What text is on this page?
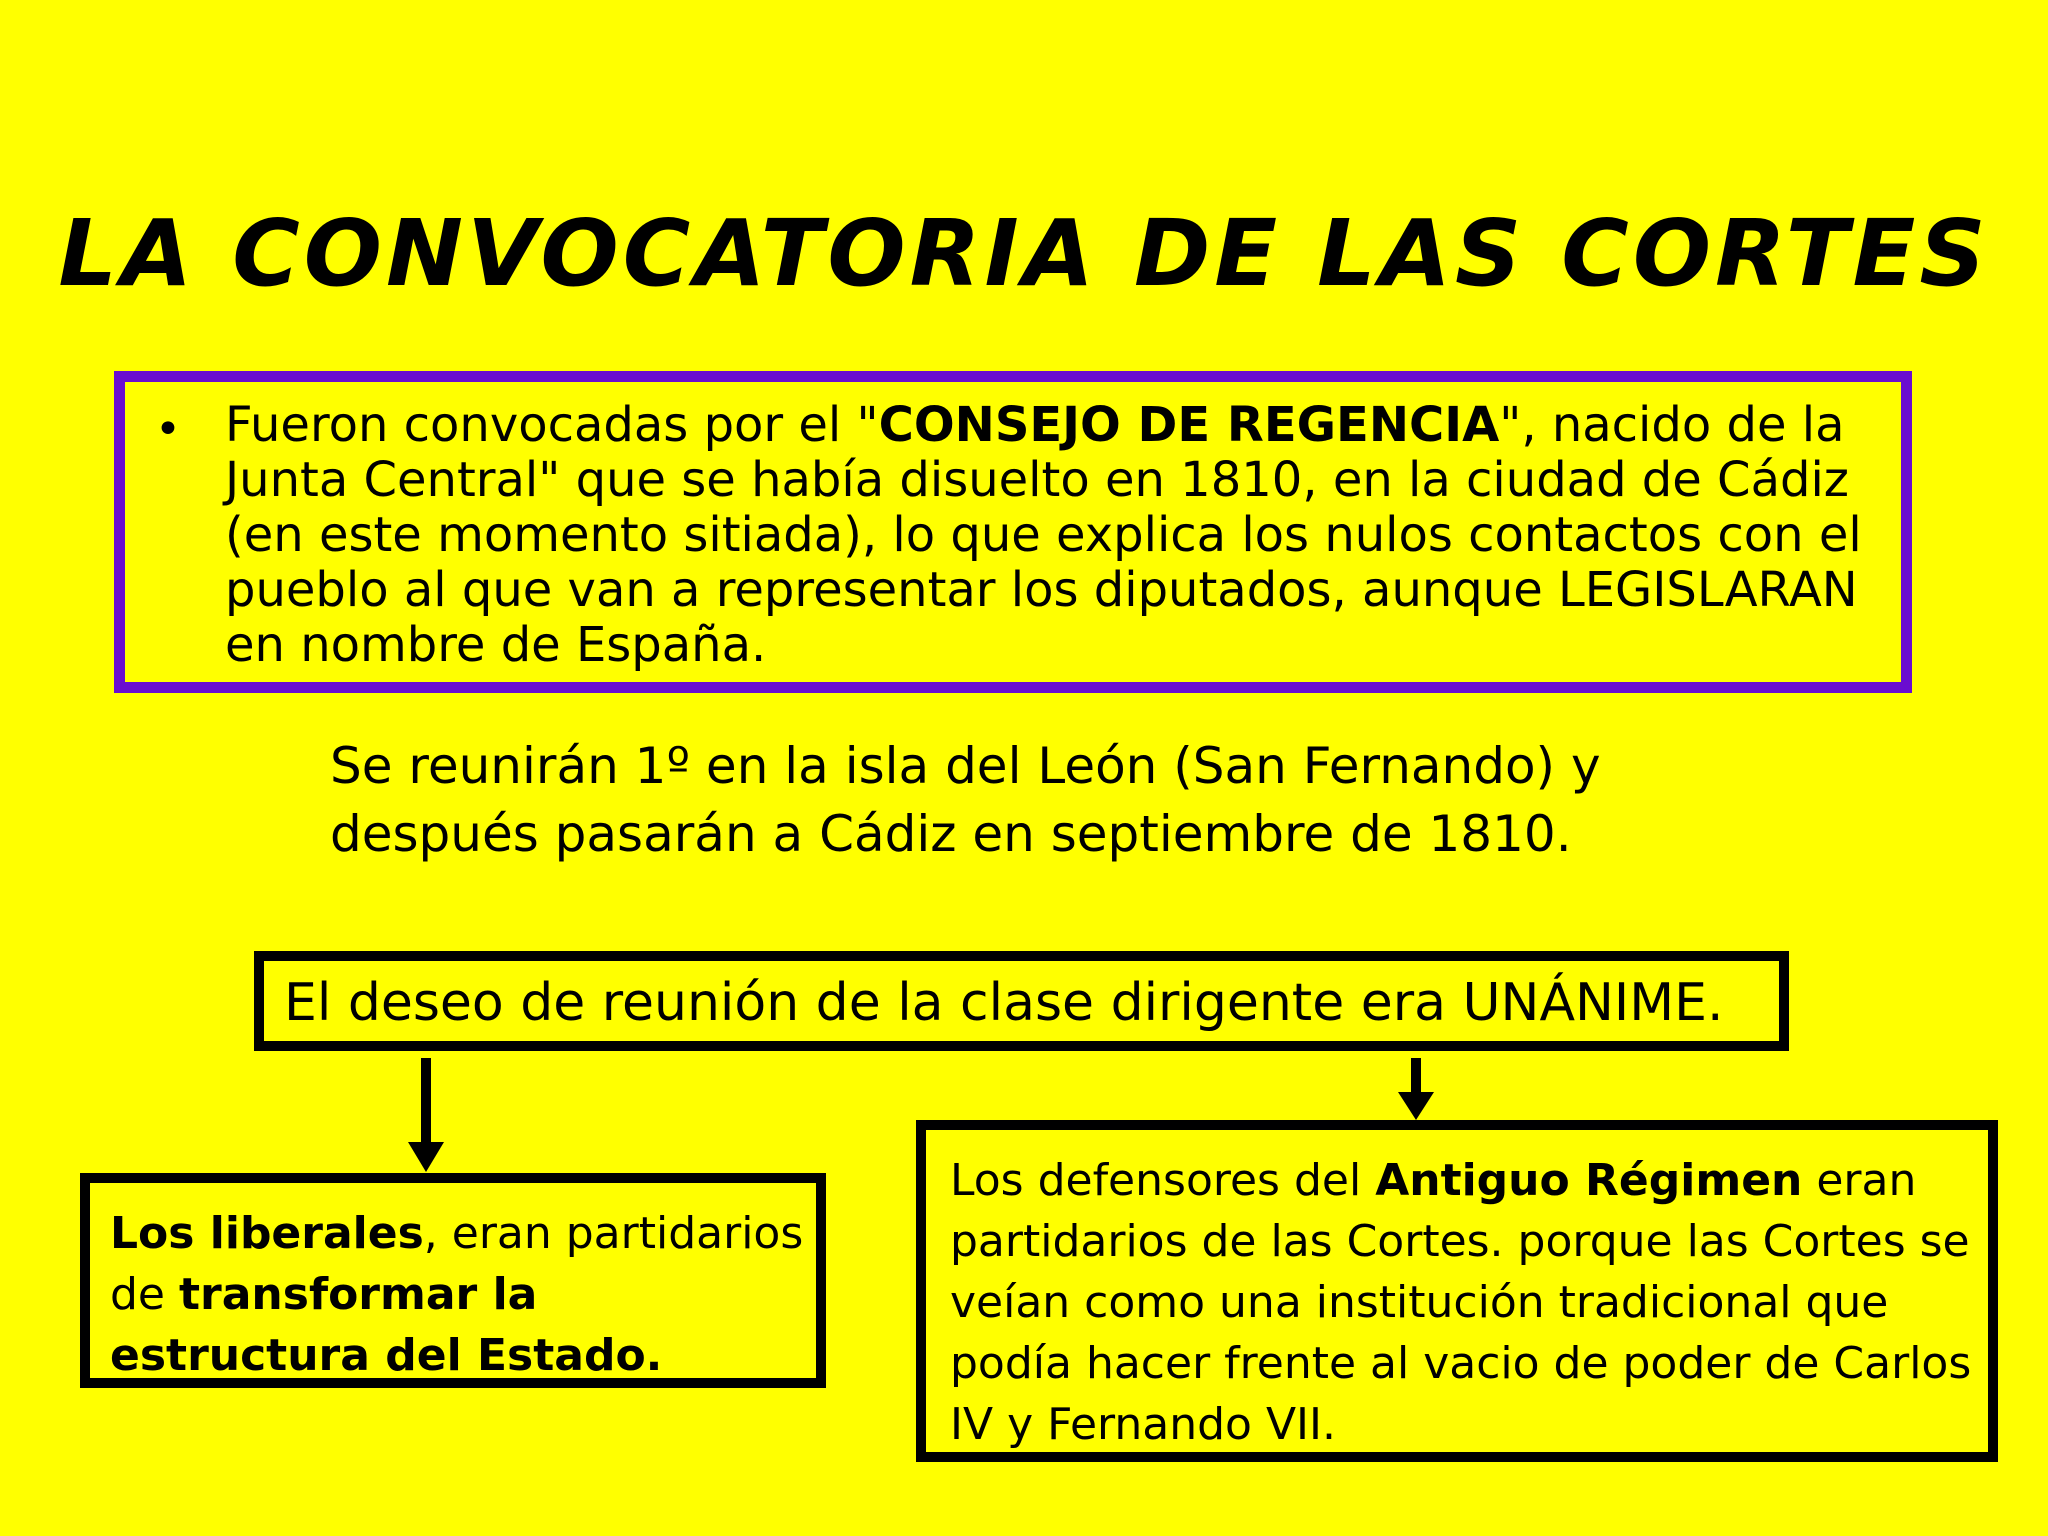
LA CONVOCATORIA DE LAS CORTES
• Fueron convocadas por el "CONSEJO DE REGENCIA", nacido de la Junta Central" que se había disuelto en 1810, en la ciudad de Cádiz (en este momento sitiada), lo que explica los nulos contactos con el pueblo al que van a representar los diputados, aunque LEGISLARAN en nombre de España.
Se reunirán 1º en la isla del León (San Fernando) y después pasarán a Cádiz en septiembre de 1810.
El deseo de reunión de la clase dirigente era UNÁNIME.
Los liberales, eran partidarios de transformar la estructura del Estado.
Los defensores del Antiguo Régimen eran partidarios de las Cortes. porque las Cortes se veían como una institución tradicional que podía hacer frente al vacio de poder de Carlos IV y Fernando VII.
